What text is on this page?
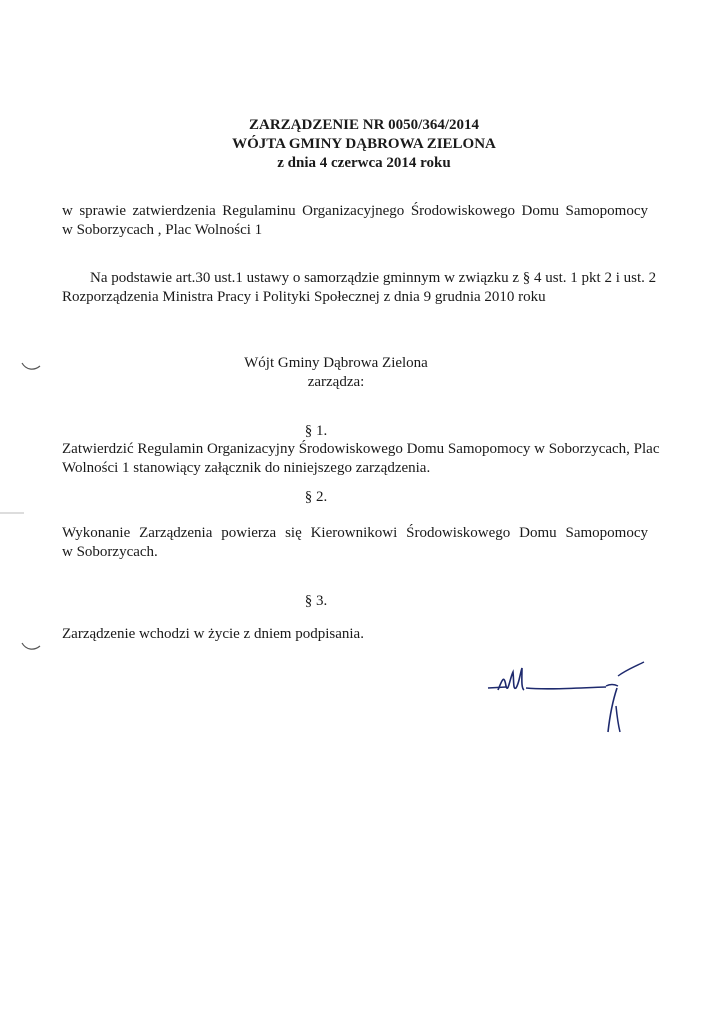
ZARZĄDZENIE NR 0050/364/2014
WÓJTA GMINY DĄBROWA ZIELONA
z dnia 4 czerwca 2014 roku
w sprawie zatwierdzenia Regulaminu Organizacyjnego Środowiskowego Domu Samopomocy
w Soborzycach , Plac Wolności 1
Na podstawie art.30 ust.1 ustawy o samorządzie gminnym w związku z § 4 ust. 1 pkt 2 i ust. 2
Rozporządzenia Ministra Pracy i Polityki Społecznej z dnia 9 grudnia 2010 roku
Wójt Gminy Dąbrowa Zielona
zarządza:
§ 1.
Zatwierdzić Regulamin Organizacyjny Środowiskowego Domu Samopomocy w Soborzycach, Plac
Wolności 1 stanowiący załącznik do niniejszego zarządzenia.
§ 2.
Wykonanie Zarządzenia powierza się Kierownikowi Środowiskowego Domu Samopomocy
w Soborzycach.
§ 3.
Zarządzenie wchodzi w życie z dniem podpisania.
